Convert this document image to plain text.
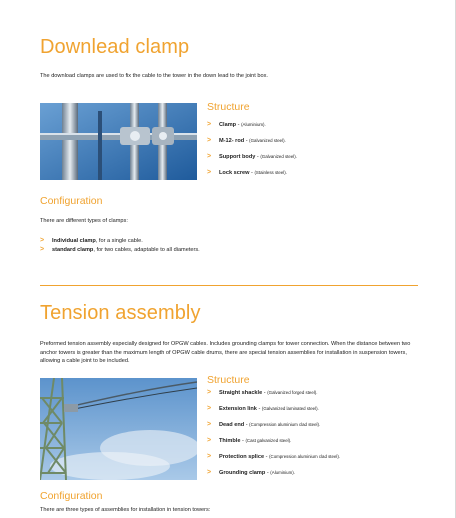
Downlead clamp
The download clamps are used to fix the cable to the tower in the down lead to the joint box.
Structure
> Clamp - (Aluminium).
> M-12- rod - (Galvanized steel).
> Support body - (Galvanized steel).
> Lock screw - (Stainless steel).
Configuration
There are different types of clamps:
> Individual clamp, for a single cable.
> standard clamp, for two cables, adaptable to all diameters.
Tension assembly
Preformed tension assembly especially designed for OPGW cables. Includes grounding clamps for tower connection. When the distance between two anchor towers is greater than the maximum length of OPGW cable drums, there are special tension assemblies for installation in suspension towers, allowing a cable joint to be included.
Structure
> Straight shackle - (Galvanized forged steel).
> Extension link - (Galvanized laminated steel).
> Dead end - (Compression aluminium clad steel).
> Thimble - (Cast galvanized steel).
> Protection splice - (Compression aluminium clad steel).
> Grounding clamp - (Aluminium).
Configuration
There are three types of assemblies for installation in tension towers:
